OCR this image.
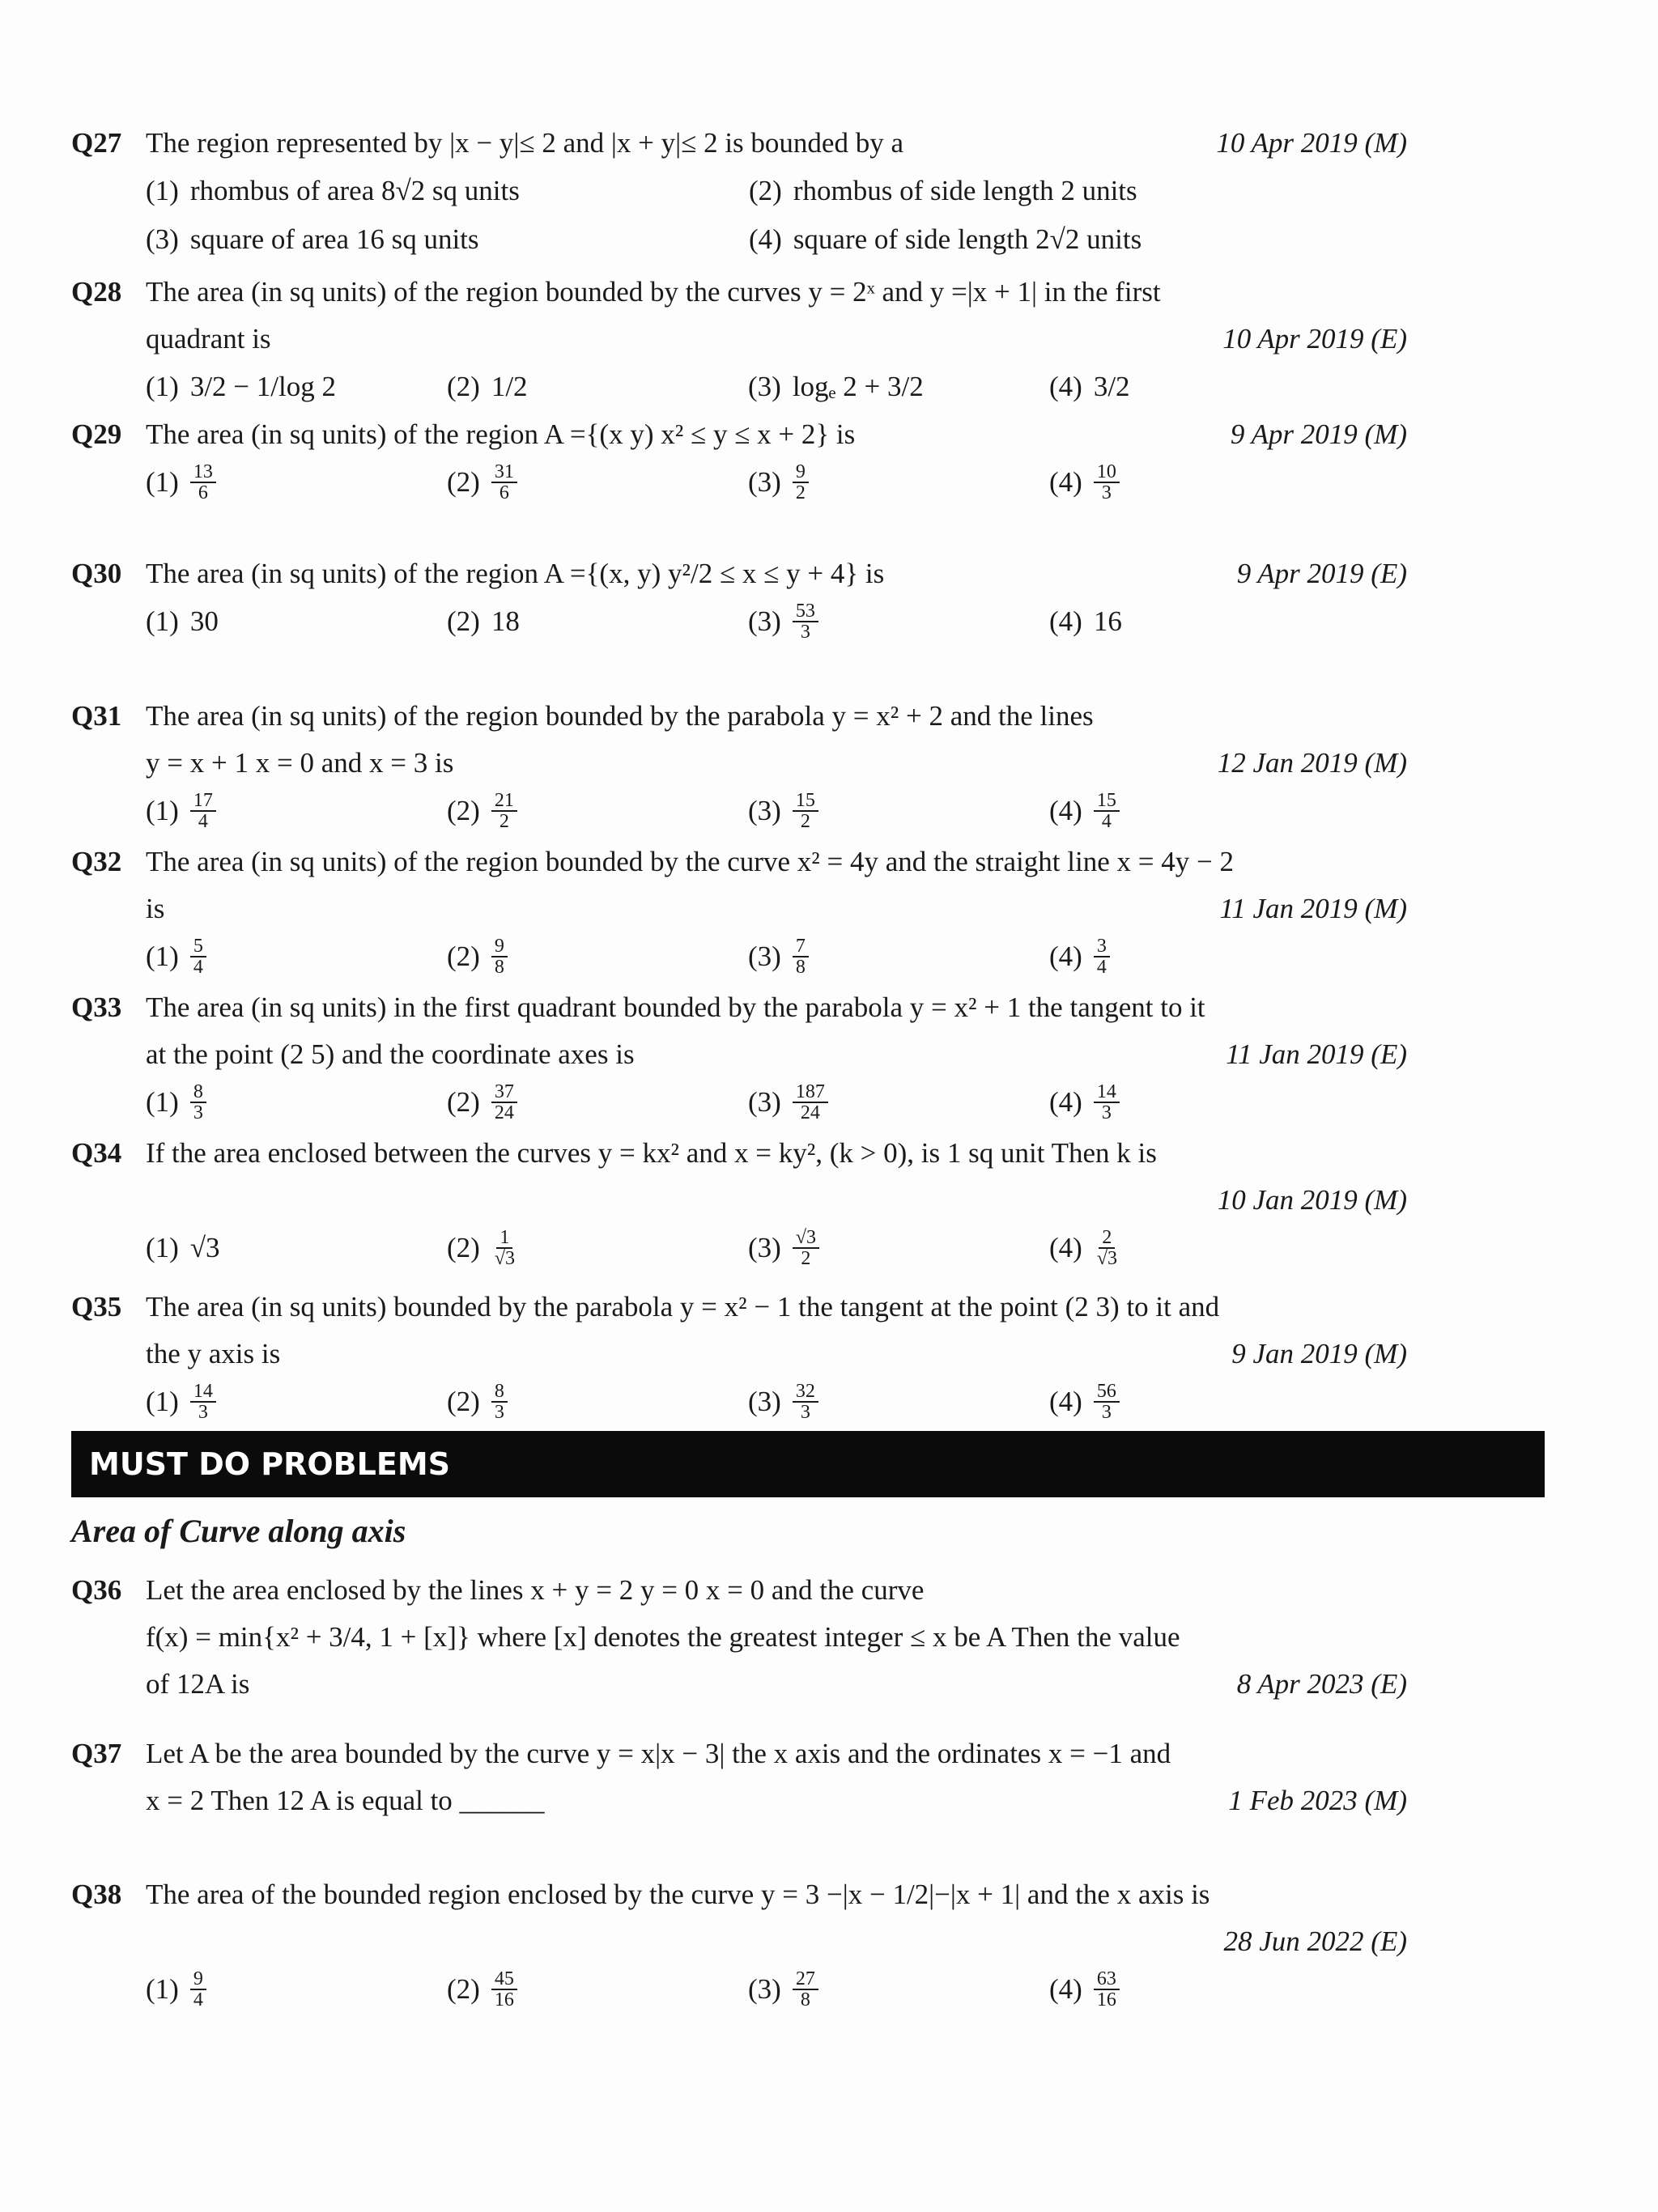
Q27 The region represented by |x − y|≤ 2 and |x + y|≤ 2 is bounded by a	10 Apr 2019 (M)
(1) rhombus of area 8√2 sq units	(2) rhombus of side length 2 units
(3) square of area 16 sq units	(4) square of side length 2√2 units
Q28 The area (in sq units) of the region bounded by the curves y = 2ˣ and y =|x + 1| in the first
quadrant is	10 Apr 2019 (E)
(1) 3/2 − 1/log 2	(2) 1/2	(3) logₑ 2 + 3/2	(4) 3/2
Q29 The area (in sq units) of the region A ={(x y) x² ≤ y ≤ x + 2} is	9 Apr 2019 (M)
$(1) \frac{13}{6}$	$(2) \frac{31}{6}$	$(3) \frac{9}{2}$	$(4) \frac{10}{3}$
Q30 The area (in sq units) of the region A ={(x, y) y²/2 ≤ x ≤ y + 4} is	9 Apr 2019 (E)
(1) 30	(2) 18	$(3) \frac{53}{3}$	(4) 16
Q31 The area (in sq units) of the region bounded by the parabola y = x² + 2 and the lines
y = x + 1 x = 0 and x = 3 is	12 Jan 2019 (M)
$(1) \frac{17}{4}$	$(2) \frac{21}{2}$	$(3) \frac{15}{2}$	$(4) \frac{15}{4}$
Q32 The area (in sq units) of the region bounded by the curve x² = 4y and the straight line x = 4y − 2
is	11 Jan 2019 (M)
$(1) \frac{5}{4}$	$(2) \frac{9}{8}$	$(3) \frac{7}{8}$	$(4) \frac{3}{4}$
Q33 The area (in sq units) in the first quadrant bounded by the parabola y = x² + 1 the tangent to it
at the point (2 5) and the coordinate axes is	11 Jan 2019 (E)
$(1) \frac{8}{3}$	$(2) \frac{37}{24}$	$(3) \frac{187}{24}$	$(4) \frac{14}{3}$
Q34 If the area enclosed between the curves y = kx² and x = ky², (k > 0), is 1 sq unit Then k is
10 Jan 2019 (M)
(1) √3	$(2) \frac{1}{√3}$	$(3) \frac{√3}{2}$	$(4) \frac{2}{√3}$
Q35 The area (in sq units) bounded by the parabola y = x² − 1 the tangent at the point (2 3) to it and
the y axis is	9 Jan 2019 (M)
$(1) \frac{14}{3}$	$(2) \frac{8}{3}$	$(3) \frac{32}{3}$	$(4) \frac{56}{3}$
MUST DO PROBLEMS
Area of Curve along axis
Q36 Let the area enclosed by the lines x + y = 2 y = 0 x = 0 and the curve
f(x) = min{x² + 3/4, 1 + [x]} where [x] denotes the greatest integer ≤ x be A Then the value
of 12A is	8 Apr 2023 (E)
Q37 Let A be the area bounded by the curve y = x|x − 3| the x axis and the ordinates x = −1 and
x = 2 Then 12 A is equal to ______	1 Feb 2023 (M)
Q38 The area of the bounded region enclosed by the curve y = 3 −|x − 1/2|−|x + 1| and the x axis is
28 Jun 2022 (E)
$(1) \frac{9}{4}$	$(2) \frac{45}{16}$	$(3) \frac{27}{8}$	$(4) \frac{63}{16}$
